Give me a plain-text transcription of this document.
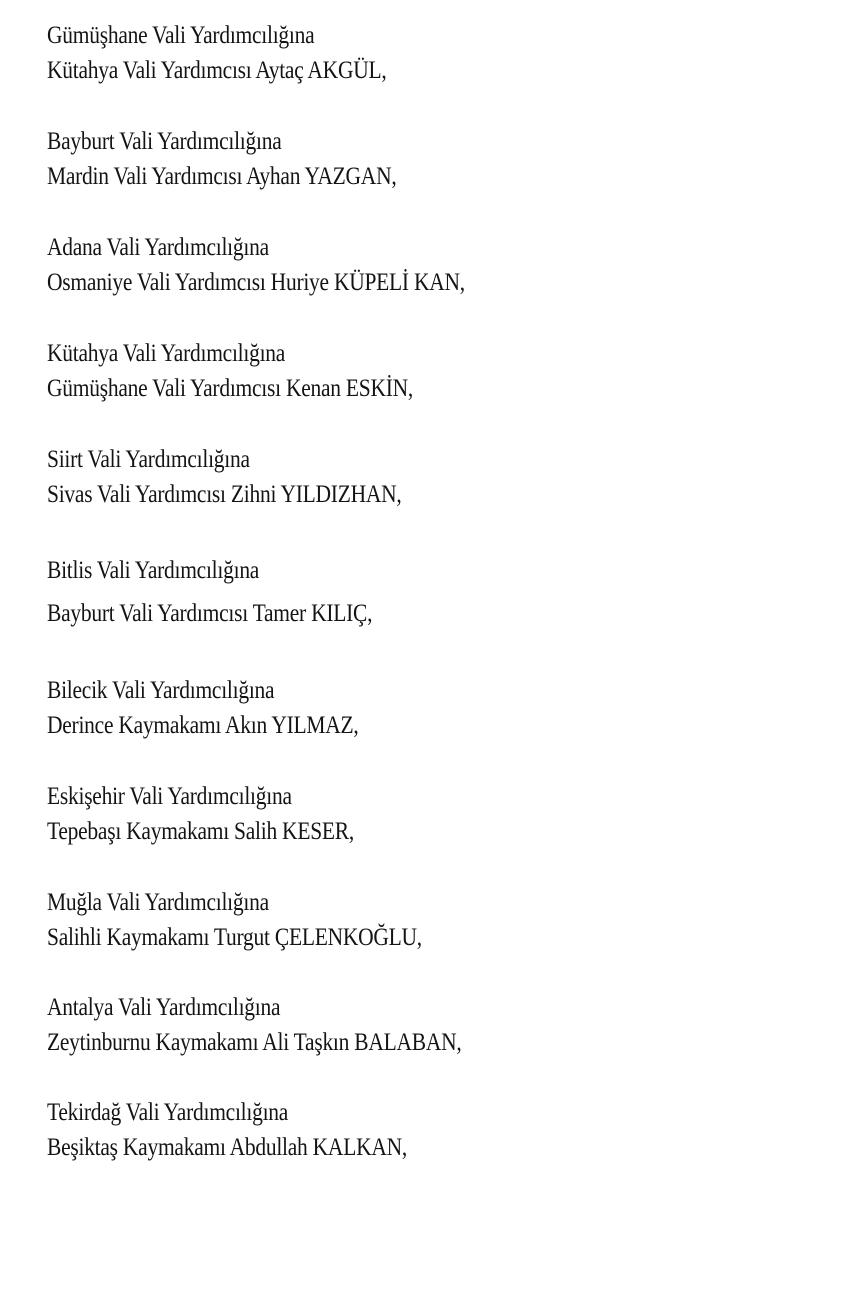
Gümüşhane Vali Yardımcılığına
Kütahya Vali Yardımcısı Aytaç AKGÜL,
Bayburt Vali Yardımcılığına
Mardin Vali Yardımcısı Ayhan YAZGAN,
Adana Vali Yardımcılığına
Osmaniye Vali Yardımcısı Huriye KÜPELİ KAN,
Kütahya Vali Yardımcılığına
Gümüşhane Vali Yardımcısı Kenan ESKİN,
Siirt Vali Yardımcılığına
Sivas Vali Yardımcısı Zihni YILDIZHAN,
Bitlis Vali Yardımcılığına
Bayburt Vali Yardımcısı Tamer KILIÇ,
Bilecik Vali Yardımcılığına
Derince Kaymakamı Akın YILMAZ,
Eskişehir Vali Yardımcılığına
Tepebaşı Kaymakamı Salih KESER,
Muğla Vali Yardımcılığına
Salihli Kaymakamı Turgut ÇELENKOĞLU,
Antalya Vali Yardımcılığına
Zeytinburnu Kaymakamı Ali Taşkın BALABAN,
Tekirdağ Vali Yardımcılığına
Beşiktaş Kaymakamı Abdullah KALKAN,
